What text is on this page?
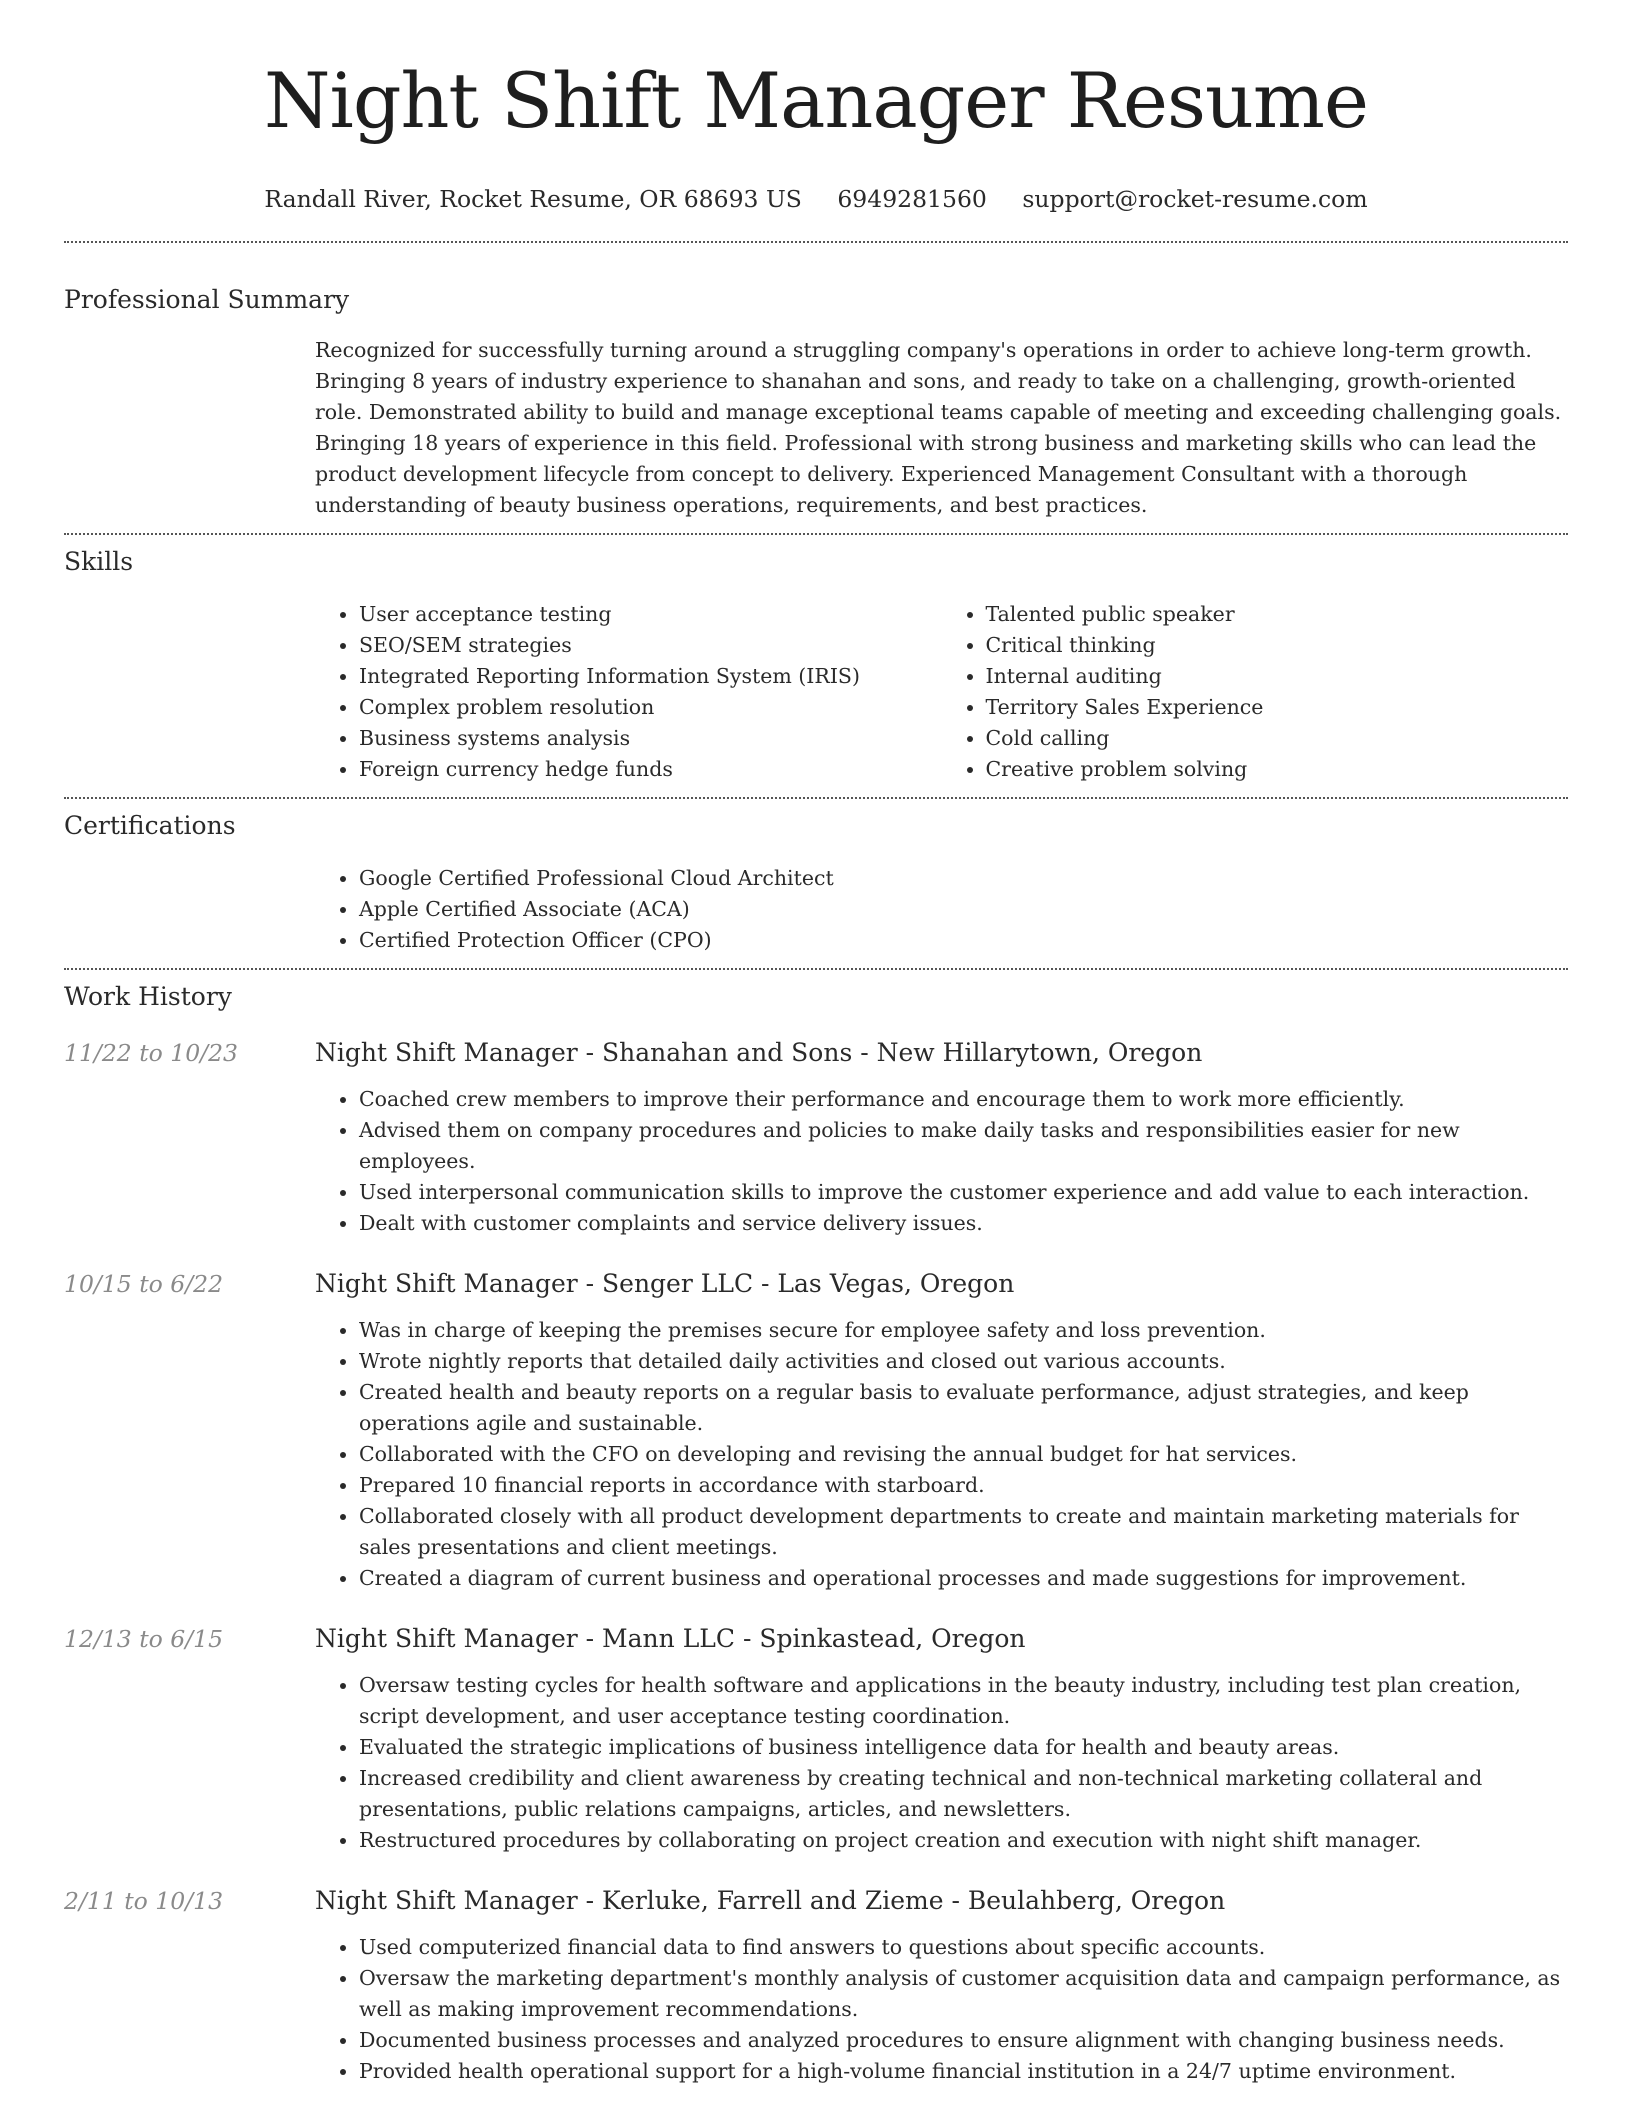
Night Shift Manager Resume
Randall River, Rocket Resume, OR 68693 US 6949281560 support@rocket-resume.com
Professional Summary

Recognized for successfully turning around a struggling company's operations in order to achieve long-term growth. Bringing 8 years of industry experience to shanahan and sons, and ready to take on a challenging, growth-oriented role. Demonstrated ability to build and manage exceptional teams capable of meeting and exceeding challenging goals. Bringing 18 years of experience in this field. Professional with strong business and marketing skills who can lead the product development lifecycle from concept to delivery. Experienced Management Consultant with a thorough understanding of beauty business operations, requirements, and best practices.

Skills
• User acceptance testing
• SEO/SEM strategies
• Integrated Reporting Information System (IRIS)
• Complex problem resolution
• Business systems analysis
• Foreign currency hedge funds
• Talented public speaker
• Critical thinking
• Internal auditing
• Territory Sales Experience
• Cold calling
• Creative problem solving
Certifications
• Google Certified Professional Cloud Architect
• Apple Certified Associate (ACA)
• Certified Protection Officer (CPO)
Work History
11/22 to 10/23	Night Shift Manager - Shanahan and Sons - New Hillarytown, Oregon
• Coached crew members to improve their performance and encourage them to work more efficiently.
• Advised them on company procedures and policies to make daily tasks and responsibilities easier for new employees.
• Used interpersonal communication skills to improve the customer experience and add value to each interaction.
• Dealt with customer complaints and service delivery issues.
10/15 to 6/22	Night Shift Manager - Senger LLC - Las Vegas, Oregon
• Was in charge of keeping the premises secure for employee safety and loss prevention.
• Wrote nightly reports that detailed daily activities and closed out various accounts.
• Created health and beauty reports on a regular basis to evaluate performance, adjust strategies, and keep operations agile and sustainable.
• Collaborated with the CFO on developing and revising the annual budget for hat services.
• Prepared 10 financial reports in accordance with starboard.
• Collaborated closely with all product development departments to create and maintain marketing materials for sales presentations and client meetings.
• Created a diagram of current business and operational processes and made suggestions for improvement.
12/13 to 6/15	Night Shift Manager - Mann LLC - Spinkastead, Oregon
• Oversaw testing cycles for health software and applications in the beauty industry, including test plan creation, script development, and user acceptance testing coordination.
• Evaluated the strategic implications of business intelligence data for health and beauty areas.
• Increased credibility and client awareness by creating technical and non-technical marketing collateral and presentations, public relations campaigns, articles, and newsletters.
• Restructured procedures by collaborating on project creation and execution with night shift manager.
2/11 to 10/13	Night Shift Manager - Kerluke, Farrell and Zieme - Beulahberg, Oregon
• Used computerized financial data to find answers to questions about specific accounts.
• Oversaw the marketing department's monthly analysis of customer acquisition data and campaign performance, as well as making improvement recommendations.
• Documented business processes and analyzed procedures to ensure alignment with changing business needs.
• Provided health operational support for a high-volume financial institution in a 24/7 uptime environment.
